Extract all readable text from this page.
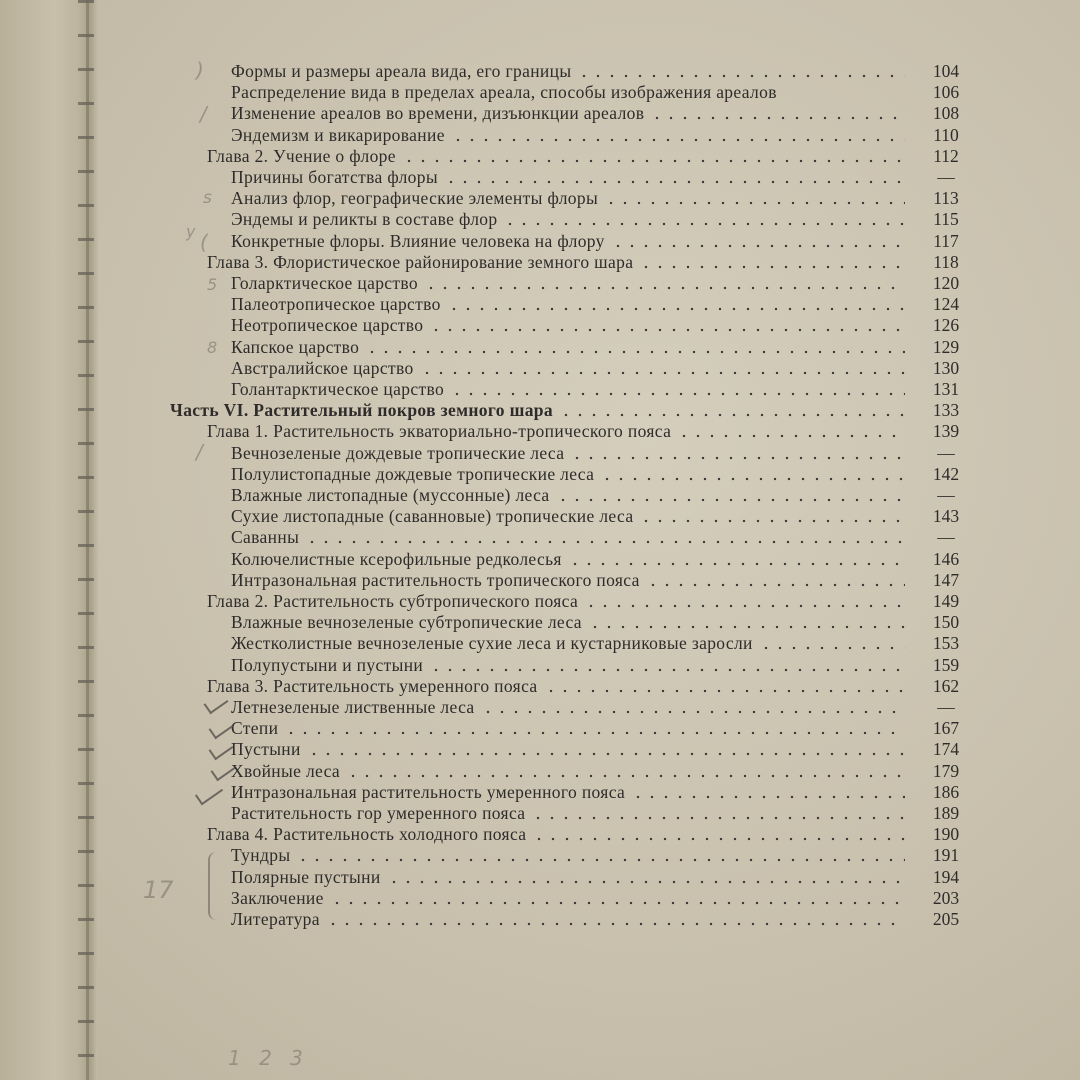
Формы и размеры ареала вида, его границы	104
Распределение вида в пределах ареала, способы изображения ареалов	106
Изменение ареалов во времени, дизъюнкции ареалов	108
Эндемизм и викарирование	110
Глава 2. Учение о флоре	112
Причины богатства флоры	—
Анализ флор, географические элементы флоры	113
Эндемы и реликты в составе флор	115
Конкретные флоры. Влияние человека на флору	117
Глава 3. Флористическое районирование земного шара	118
Голарктическое царство	120
Палеотропическое царство	124
Неотропическое царство	126
Капское царство	129
Австралийское царство	130
Голантарктическое царство	131
Часть VI. Растительный покров земного шара	133
Глава 1. Растительность экваториально-тропического пояса	139
Вечнозеленые дождевые тропические леса	—
Полулистопадные дождевые тропические леса	142
Влажные листопадные (муссонные) леса	—
Сухие листопадные (саванновые) тропические леса	143
Саванны	—
Колючелистные ксерофильные редколесья	146
Интразональная растительность тропического пояса	147
Глава 2. Растительность субтропического пояса	149
Влажные вечнозеленые субтропические леса	150
Жестколистные вечнозеленые сухие леса и кустарниковые заросли	153
Полупустыни и пустыни	159
Глава 3. Растительность умеренного пояса	162
Летнезеленые лиственные леса	—
Степи	167
Пустыни	174
Хвойные леса	179
Интразональная растительность умеренного пояса	186
Растительность гор умеренного пояса	189
Глава 4. Растительность холодного пояса	190
Тундры	191
Полярные пустыни	194
Заключение	203
Литература	205
)
/
s
y (
5
8
/
17
1 2 3
